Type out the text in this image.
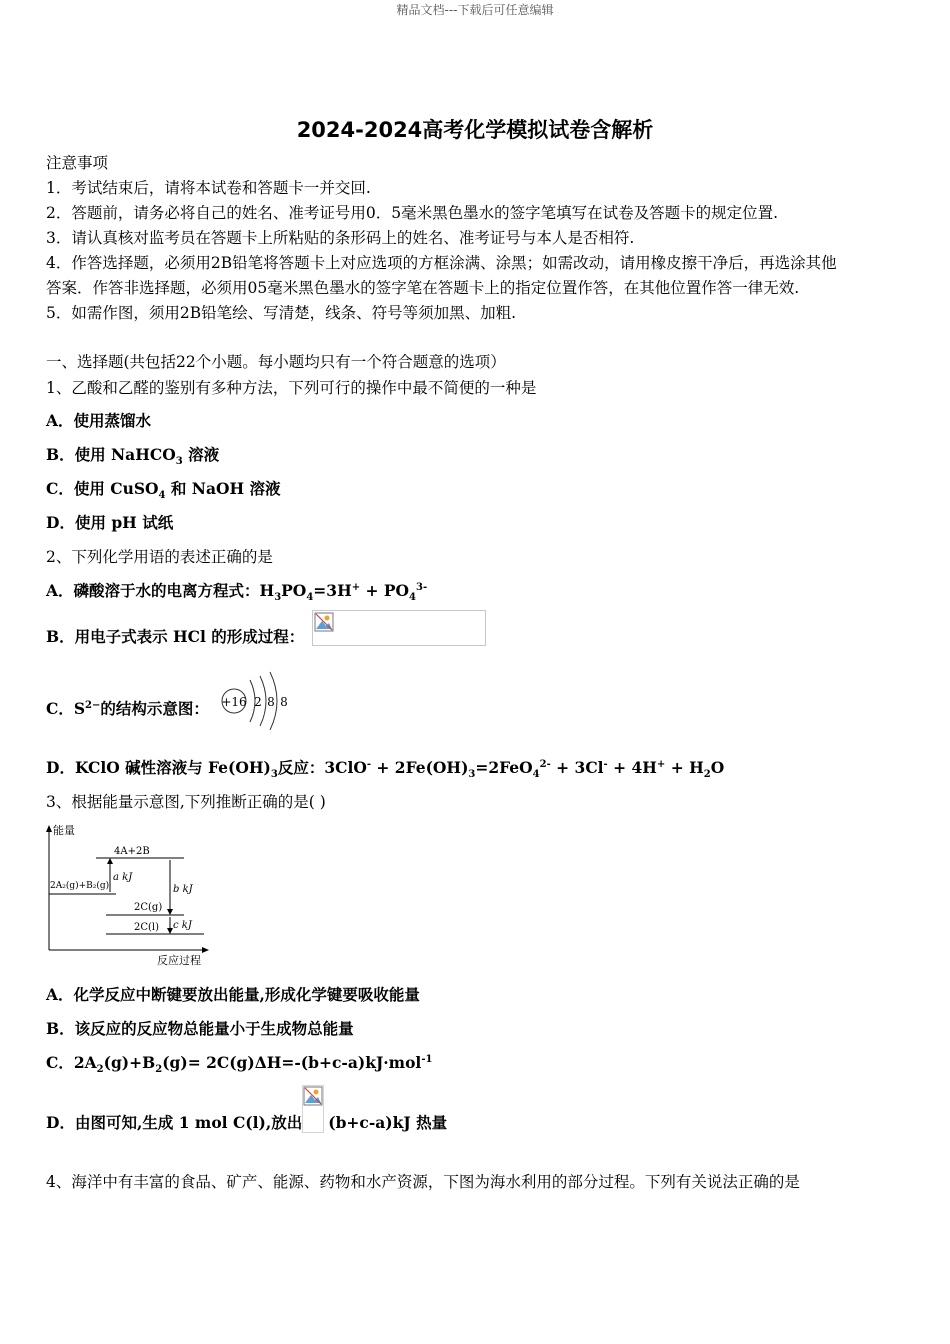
精品文档---下载后可任意编辑
2024-2024高考化学模拟试卷含解析
注意事项
1．考试结束后，请将本试卷和答题卡一并交回.
2．答题前，请务必将自己的姓名、准考证号用0．5毫米黑色墨水的签字笔填写在试卷及答题卡的规定位置.
3．请认真核对监考员在答题卡上所粘贴的条形码上的姓名、准考证号与本人是否相符.
4．作答选择题，必须用2B铅笔将答题卡上对应选项的方框涂满、涂黑；如需改动，请用橡皮擦干净后，再选涂其他
答案．作答非选择题，必须用05毫米黑色墨水的签字笔在答题卡上的指定位置作答，在其他位置作答一律无效.
5．如需作图，须用2B铅笔绘、写清楚，线条、符号等须加黑、加粗.
一、选择题(共包括22个小题。每小题均只有一个符合题意的选项）
1、乙酸和乙醛的鉴别有多种方法，下列可行的操作中最不简便的一种是
A．使用蒸馏水
B．使用 NaHCO$_3$ 溶液
C．使用 CuSO$_4$ 和 NaOH 溶液
D．使用 pH 试纸
2、下列化学用语的表述正确的是
A．磷酸溶于水的电离方程式：$H_3PO_4=3H^+ + PO_4^{3-}$
B．用电子式表示 HCl 的形成过程：
C．$S^{2-}$的结构示意图： +16 2 8 8
D．KClO 碱性溶液与 $Fe(OH)_3$反应：$3ClO^- + 2Fe(OH)_3=2FeO_4^{2-} + 3Cl^- + 4H^+ + H_2O$
3、根据能量示意图,下列推断正确的是( )
能量
反应过程
4A+2B
2A₂(g)+B₂(g)
2C(g)
2C(l)
a kJ
b kJ
c kJ
A．化学反应中断键要放出能量,形成化学键要吸收能量
B．该反应的反应物总能量小于生成物总能量
C．$2A_2(g)+B_2(g)= 2C(g)\Delta H=-(b+c-a)kJ\cdot mol^{-1}$
D．由图可知,生成 1 mol C(l),放出 (b+c-a)kJ 热量
4、海洋中有丰富的食品、矿产、能源、药物和水产资源，下图为海水利用的部分过程。下列有关说法正确的是
